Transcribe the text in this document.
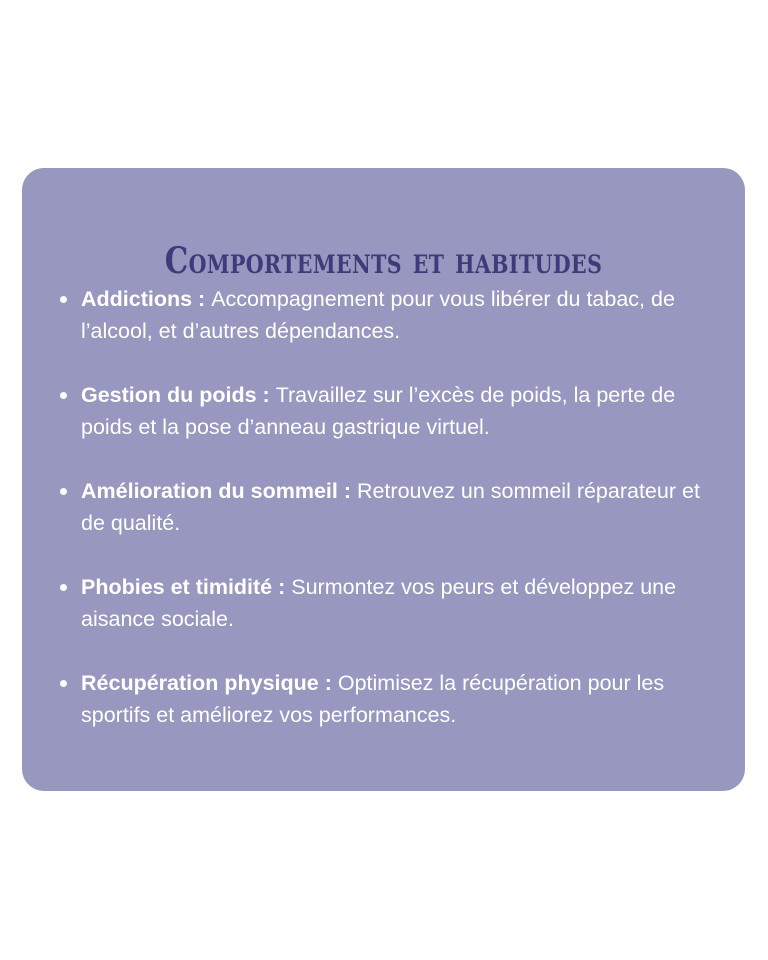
Comportements et habitudes
Addictions : Accompagnement pour vous libérer du tabac, de l’alcool, et d’autres dépendances.
Gestion du poids : Travaillez sur l’excès de poids, la perte de poids et la pose d’anneau gastrique virtuel.
Amélioration du sommeil : Retrouvez un sommeil réparateur et de qualité.
Phobies et timidité : Surmontez vos peurs et développez une aisance sociale.
Récupération physique : Optimisez la récupération pour les sportifs et améliorez vos performances.
